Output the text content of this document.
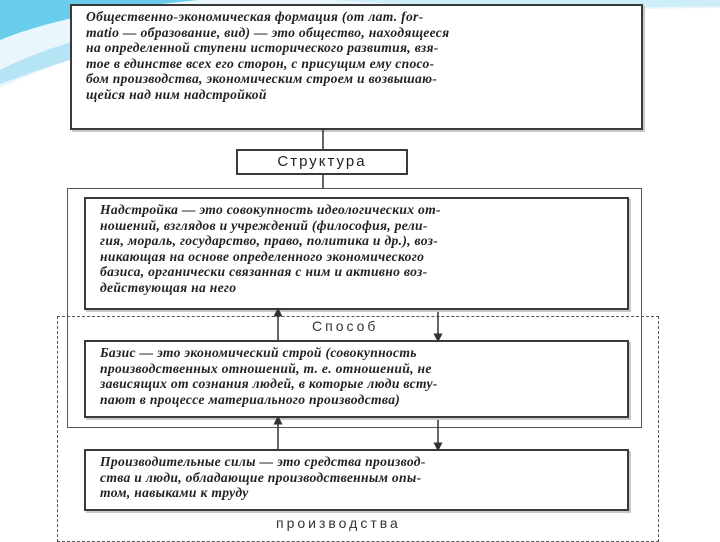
Общественно-экономическая формация (от лат. for-
matio — образование, вид) — это общество, находящееся
на определенной ступени исторического развития, взя-
тое в единстве всех его сторон, с присущим ему спосо-
бом производства, экономическим строем и возвышаю-
щейся над ним надстройкой
Структура
Надстройка — это совокупность идеологических от-
ношений, взглядов и учреждений (философия, рели-
гия, мораль, государство, право, политика и др.), воз-
никающая на основе определенного экономического
базиса, органически связанная с ним и активно воз-
действующая на него
Способ
Базис — это экономический строй (совокупность
производственных отношений, т. е. отношений, не
зависящих от сознания людей, в которые люди всту-
пают в процессе материального производства)
Производительные силы — это средства производ-
ства и люди, обладающие производственным опы-
том, навыками к труду
производства
